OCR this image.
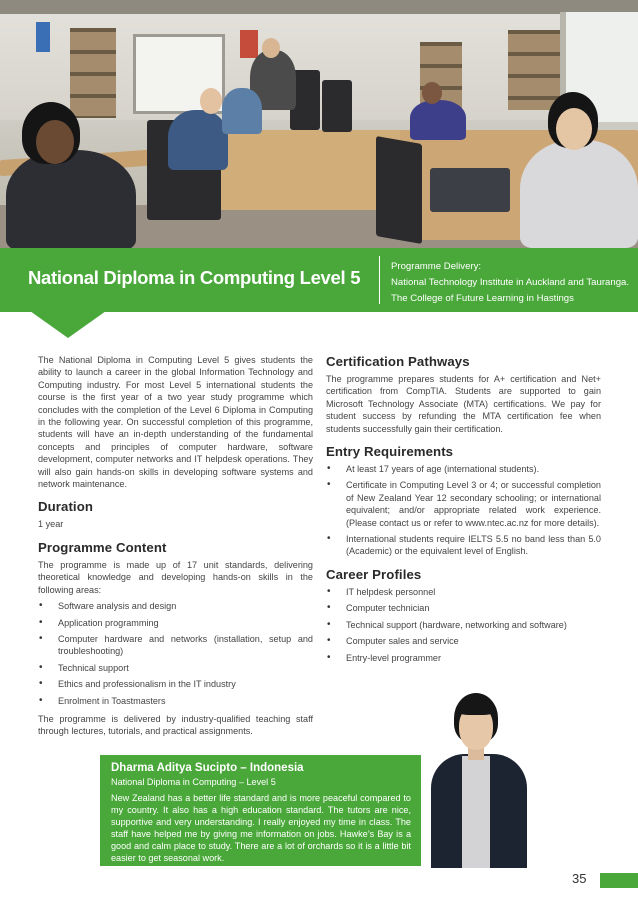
National Diploma in Computing Level 5
Programme Delivery:
National Technology Institute in Auckland and Tauranga.
The College of Future Learning in Hastings

The National Diploma in Computing Level 5 gives students the ability to launch a career in the global Information Technology and Computing industry. For most Level 5 international students the course is the first year of a two year study programme which concludes with the completion of the Level 6 Diploma in Computing in the following year. On successful completion of this programme, students will have an in-depth understanding of the fundamental concepts and principles of computer hardware, software development, computer networks and IT helpdesk operations. They will also gain hands-on skills in developing software systems and network maintenance.

Duration

1 year

Programme Content

The programme is made up of 17 unit standards, delivering theoretical knowledge and developing hands-on skills in the following areas:

• Software analysis and design
• Application programming
• Computer hardware and networks (installation, setup and troubleshooting)
• Technical support
• Ethics and professionalism in the IT industry
• Enrolment in Toastmasters

The programme is delivered by industry-qualified teaching staff through lectures, tutorials, and practical assignments.

Certification Pathways

The programme prepares students for A+ certification and Net+ certification from CompTIA. Students are supported to gain Microsoft Technology Associate (MTA) certifications. We pay for student success by refunding the MTA certification fee when students successfully gain their certification.

Entry Requirements
• At least 17 years of age (international students).
• Certificate in Computing Level 3 or 4; or successful completion of New Zealand Year 12 secondary schooling; or international equivalent; and/or appropriate related work experience. (Please contact us or refer to www.ntec.ac.nz for more details).
• International students require IELTS 5.5 no band less than 5.0 (Academic) or the equivalent level of English.
Career Profiles
• IT helpdesk personnel
• Computer technician
• Technical support (hardware, networking and software)
• Computer sales and service
• Entry-level programmer
Dharma Aditya Sucipto – Indonesia
National Diploma in Computing – Level 5
New Zealand has a better life standard and is more peaceful compared to my country. It also has a high education standard. The tutors are nice, supportive and very understanding. I really enjoyed my time in class. The staff have helped me by giving me information on jobs. Hawke’s Bay is a good and calm place to study. There are a lot of orchards so it is a little bit easier to get seasonal work.
35
